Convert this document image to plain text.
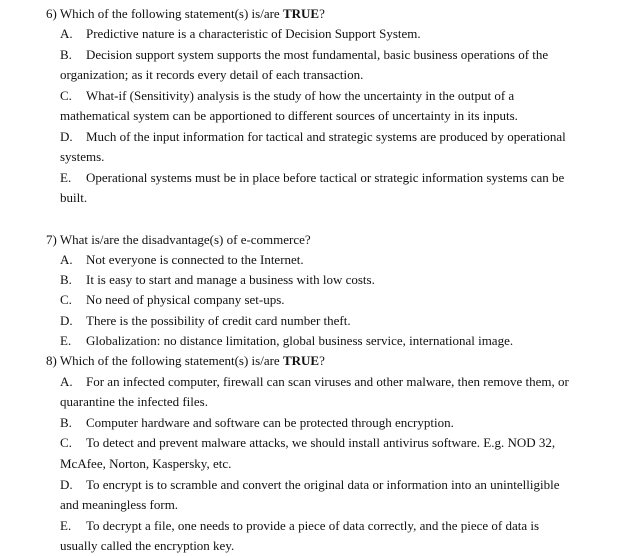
6) Which of the following statement(s) is/are TRUE?
A. Predictive nature is a characteristic of Decision Support System.
B. Decision support system supports the most fundamental, basic business operations of the
organization; as it records every detail of each transaction.
C. What-if (Sensitivity) analysis is the study of how the uncertainty in the output of a
mathematical system can be apportioned to different sources of uncertainty in its inputs.
D. Much of the input information for tactical and strategic systems are produced by operational
systems.
E. Operational systems must be in place before tactical or strategic information systems can be
built.
7) What is/are the disadvantage(s) of e-commerce?
A. Not everyone is connected to the Internet.
B. It is easy to start and manage a business with low costs.
C. No need of physical company set-ups.
D. There is the possibility of credit card number theft.
E. Globalization: no distance limitation, global business service, international image.
8) Which of the following statement(s) is/are TRUE?
A. For an infected computer, firewall can scan viruses and other malware, then remove them, or
quarantine the infected files.
B. Computer hardware and software can be protected through encryption.
C. To detect and prevent malware attacks, we should install antivirus software. E.g. NOD 32,
McAfee, Norton, Kaspersky, etc.
D. To encrypt is to scramble and convert the original data or information into an unintelligible
and meaningless form.
E. To decrypt a file, one needs to provide a piece of data correctly, and the piece of data is
usually called the encryption key.
